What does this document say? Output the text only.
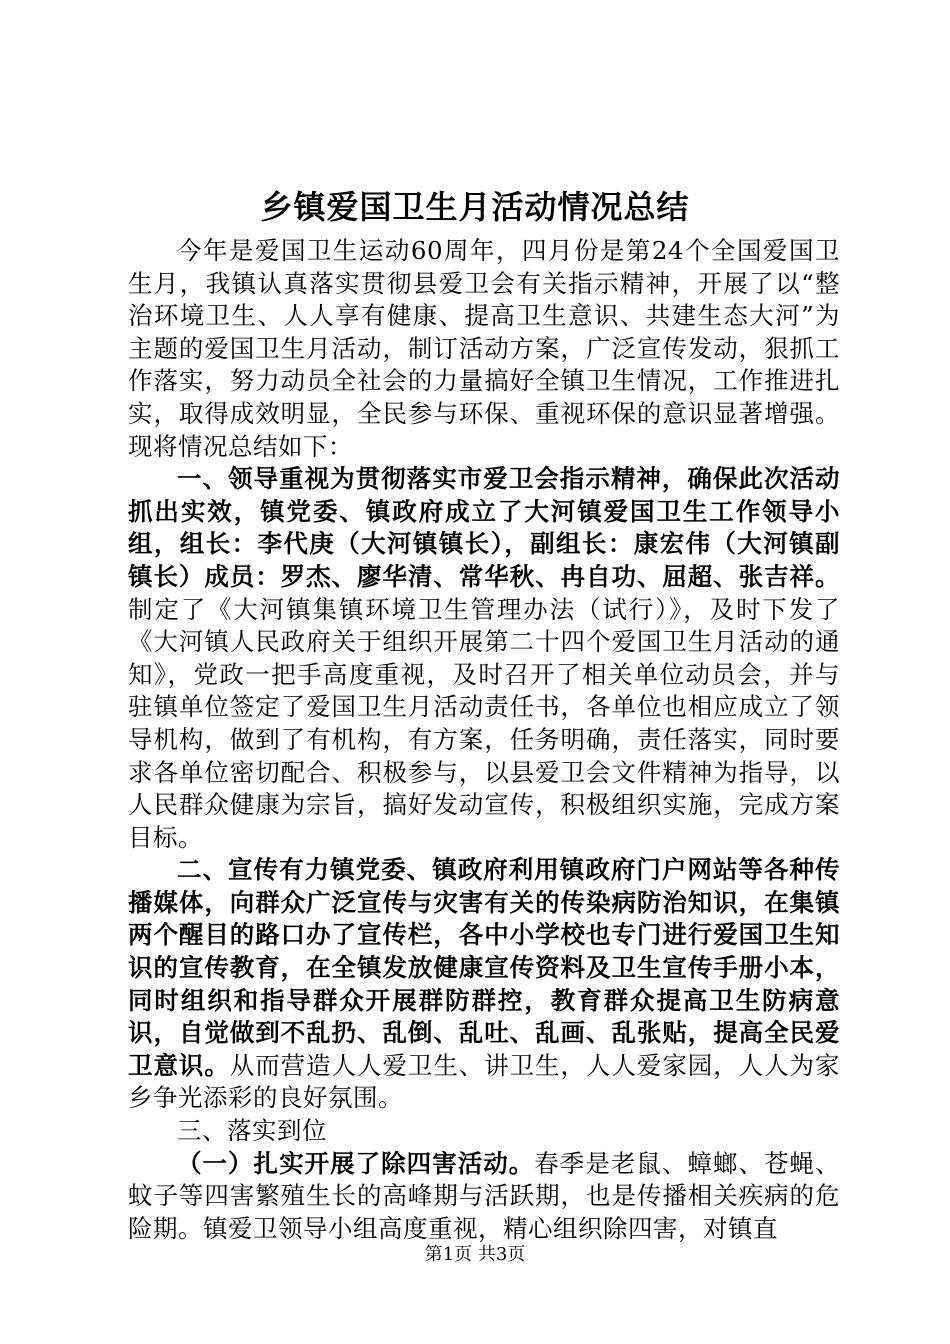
乡镇爱国卫生月活动情况总结

今年是爱国卫生运动60周年，四月份是第24个全国爱国卫生月，我镇认真落实贯彻县爱卫会有关指示精神，开展了以“整治环境卫生、人人享有健康、提高卫生意识、共建生态大河”为主题的爱国卫生月活动，制订活动方案，广泛宣传发动，狠抓工作落实，努力动员全社会的力量搞好全镇卫生情况，工作推进扎实，取得成效明显，全民参与环保、重视环保的意识显著增强。现将情况总结如下：

一、领导重视为贯彻落实市爱卫会指示精神，确保此次活动抓出实效，镇党委、镇政府成立了大河镇爱国卫生工作领导小组，组长：李代庚（大河镇镇长），副组长：康宏伟（大河镇副镇长）成员：罗杰、廖华清、常华秋、冉自功、屈超、张吉祥。制定了《大河镇集镇环境卫生管理办法（试行）》，及时下发了《大河镇人民政府关于组织开展第二十四个爱国卫生月活动的通知》，党政一把手高度重视，及时召开了相关单位动员会，并与驻镇单位签定了爱国卫生月活动责任书，各单位也相应成立了领导机构，做到了有机构，有方案，任务明确，责任落实，同时要求各单位密切配合、积极参与，以县爱卫会文件精神为指导，以人民群众健康为宗旨，搞好发动宣传，积极组织实施，完成方案目标。

二、宣传有力镇党委、镇政府利用镇政府门户网站等各种传播媒体，向群众广泛宣传与灾害有关的传染病防治知识，在集镇两个醒目的路口办了宣传栏，各中小学校也专门进行爱国卫生知识的宣传教育，在全镇发放健康宣传资料及卫生宣传手册小本，同时组织和指导群众开展群防群控，教育群众提高卫生防病意识，自觉做到不乱扔、乱倒、乱吐、乱画、乱张贴，提高全民爱卫意识。从而营造人人爱卫生、讲卫生，人人爱家园，人人为家乡争光添彩的良好氛围。

三、落实到位

（一）扎实开展了除四害活动。春季是老鼠、蟑螂、苍蝇、蚊子等四害繁殖生长的高峰期与活跃期，也是传播相关疾病的危险期。镇爱卫领导小组高度重视，精心组织除四害，对镇直

第1页 共3页
